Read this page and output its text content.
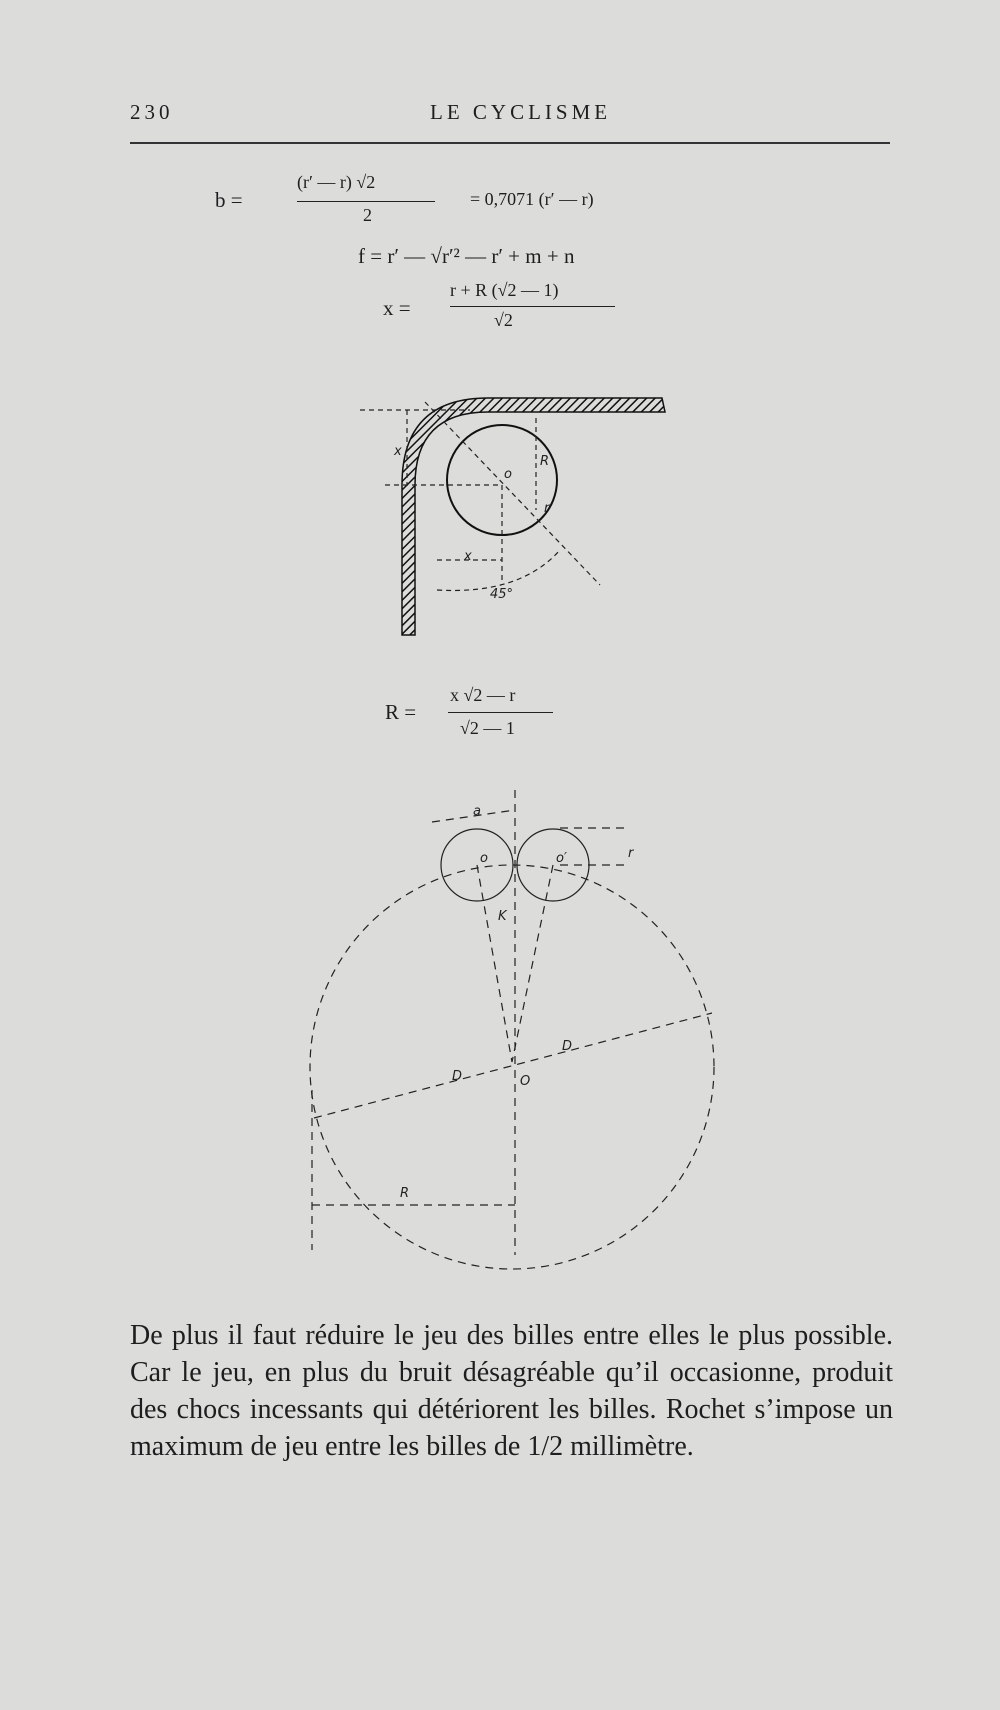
230	LE CYCLISME
b =
(r′ — r) √2
2
= 0,7071 (r′ — r)
f = r′ — √r′² — r′ + m + n
x =
r + R (√2 — 1)
√2
x
x
o
R
r
45°
R =
x √2 — r
√2 — 1
a
o	o′	r
K
D
D
O
R

De plus il faut réduire le jeu des billes entre elles le plus possible. Car le jeu, en plus du bruit désagréable qu’il occasionne, produit des chocs incessants qui détériorent les billes. Rochet s’impose un maximum de jeu entre les billes de 1/2 millimètre.
